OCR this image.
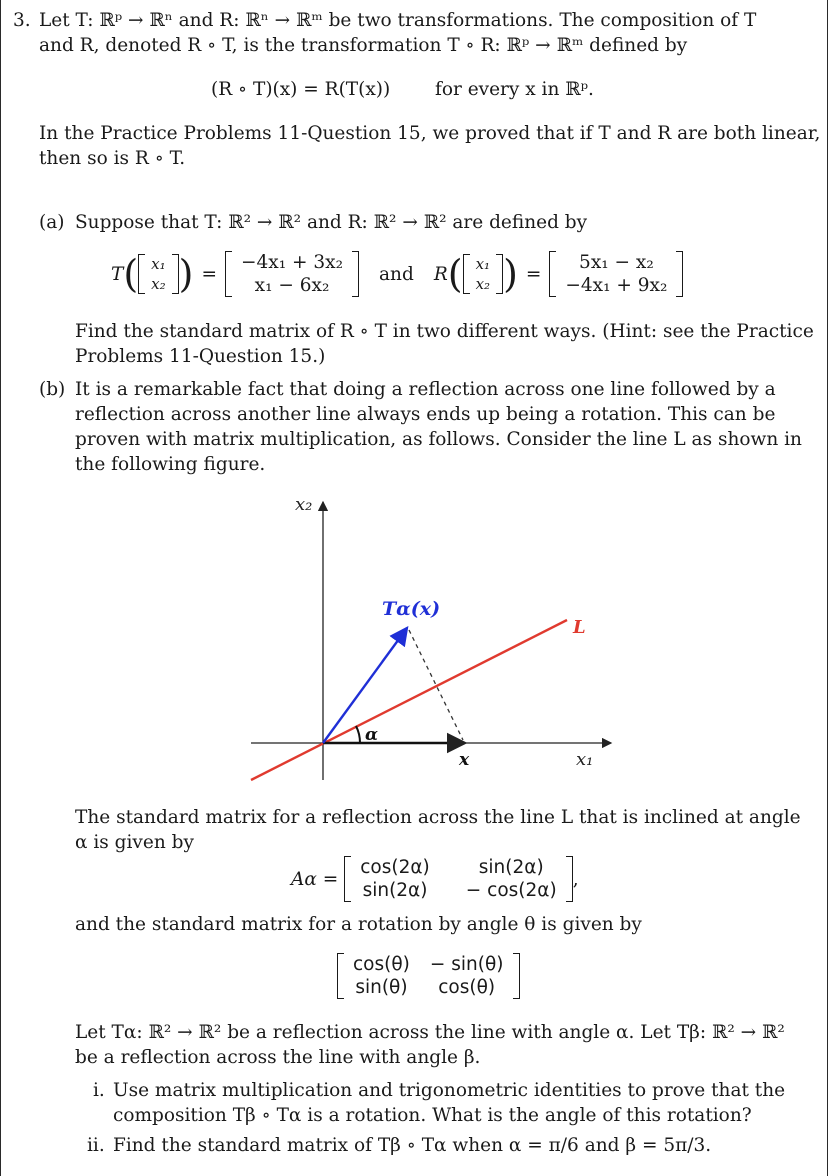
3. Let T: ℝᵖ → ℝⁿ and R: ℝⁿ → ℝᵐ be two transformations. The composition of T
and R, denoted R ∘ T, is the transformation T ∘ R: ℝᵖ → ℝᵐ defined by
(R ∘ T)(x) = R(T(x)) for every x in ℝᵖ.
In the Practice Problems 11-Question 15, we proved that if T and R are both linear,
then so is R ∘ T.
(a) Suppose that T: ℝ² → ℝ² and R: ℝ² → ℝ² are defined by
T ( x₁
x₂ ) =
−4x₁ + 3x₂
x₁ − 6x₂
and R ( x₁
x₂ ) =
5x₁ − x₂
−4x₁ + 9x₂
Find the standard matrix of R ∘ T in two different ways. (Hint: see the Practice
Problems 11-Question 15.)
(b) It is a remarkable fact that doing a reflection across one line followed by a
reflection across another line always ends up being a rotation. This can be
proven with matrix multiplication, as follows. Consider the line L as shown in
the following figure.
x₂
x₁
Tα(x)
x
L
α
The standard matrix for a reflection across the line L that is inclined at angle
α is given by
Aα =
cos(2α)	sin(2α)
sin(2α)	− cos(2α)
,
and the standard matrix for a rotation by angle θ is given by
cos(θ)	− sin(θ)
sin(θ)	cos(θ)
Let Tα: ℝ² → ℝ² be a reflection across the line with angle α. Let Tβ: ℝ² → ℝ²
be a reflection across the line with angle β.
i. Use matrix multiplication and trigonometric identities to prove that the
composition Tβ ∘ Tα is a rotation. What is the angle of this rotation?
ii. Find the standard matrix of Tβ ∘ Tα when α = π/6 and β = 5π/3.
